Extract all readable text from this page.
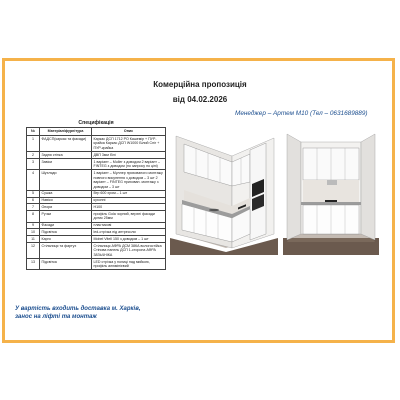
Комерційна пропозиція
від 04.02.2026
Менеджер – Артем М10 (Тел – 0631689889)
Специфікація
№	Матеріал/фурнітура	Опис
1	ФАДСП(каркас та фасади)	Каркас ДСП 1712 РО Кашемір + ПУР-крайка Каркас ДСП W1000 Білий Сніг + ПУР-крайка
2	Задня стінка	ДВП 3мм білі
3	Завіси	1 варіант – Muller з доводом 2 варіант – FINTEG з доводом (по запросу по ціні)
4	Шухляди	1 варіант – Муллер прихованого монтажу повного висунення з доводом – 3 шт 2 варіант – FINTEG прихован. монтажу з доводом – 3 шт
5	Сушка	Втр 600 хром – 1 шт
6	Навіси	кухонні
7	Опори	H100
8	Ручки	профіль Gola чорний, верхні фасади дотик 25мм
9	Фасади	пластикові
10	Підсвітка	led-стрічка під антресоли
11	Карго	Mobel Vitell 150 з доводом – 1 шт
12	Стільниця та фартух	Стільниця АФРА ДСМ 38КА вологостійка Стінова панель ДСП 1-сторона АФРА 38ЗЬЧНІКА
13	Підсвітка	LED стрічка у полиці над мийкою, профіль алюмінієвий
У вартість входить доставка м. Харків,
занос на ліфті та монтаж
